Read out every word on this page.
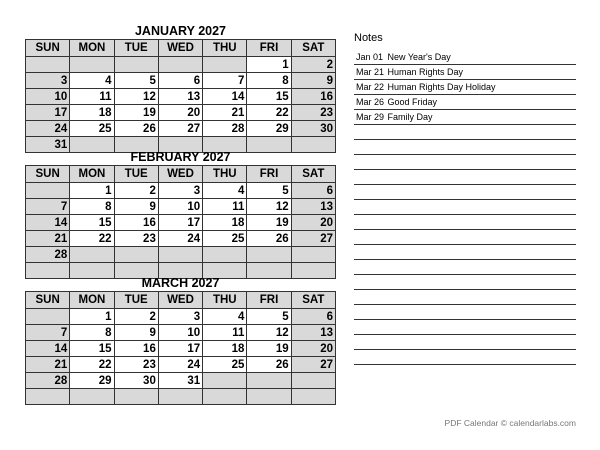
JANUARY 2027
SUN	MON	TUE	WED	THU	FRI	SAT
					1	2
3	4	5	6	7	8	9
10	11	12	13	14	15	16
17	18	19	20	21	22	23
24	25	26	27	28	29	30
31						
FEBRUARY 2027
SUN	MON	TUE	WED	THU	FRI	SAT
	1	2	3	4	5	6
7	8	9	10	11	12	13
14	15	16	17	18	19	20
21	22	23	24	25	26	27
28						

MARCH 2027
SUN	MON	TUE	WED	THU	FRI	SAT
	1	2	3	4	5	6
7	8	9	10	11	12	13
14	15	16	17	18	19	20
21	22	23	24	25	26	27
28	29	30	31			

Notes
Jan 01 New Year's Day
Mar 21 Human Rights Day
Mar 22 Human Rights Day Holiday
Mar 26 Good Friday
Mar 29 Family Day
PDF Calendar © calendarlabs.com
